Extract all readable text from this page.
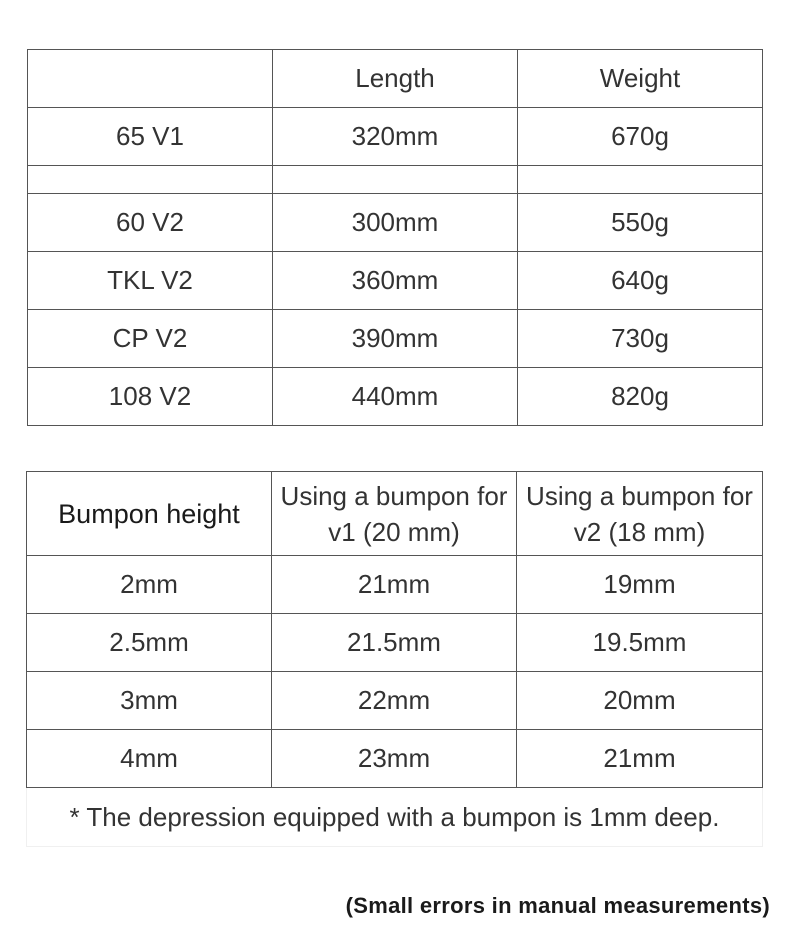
	Length	Weight
65 V1	320mm	670g

60 V2	300mm	550g
TKL V2	360mm	640g
CP V2	390mm	730g
108 V2	440mm	820g
Bumpon height	Using a bumpon for v1 (20 mm)	Using a bumpon for v2 (18 mm)
2mm	21mm	19mm
2.5mm	21.5mm	19.5mm
3mm	22mm	20mm
4mm	23mm	21mm
* The depression equipped with a bumpon is 1mm deep.		
(Small errors in manual measurements)
